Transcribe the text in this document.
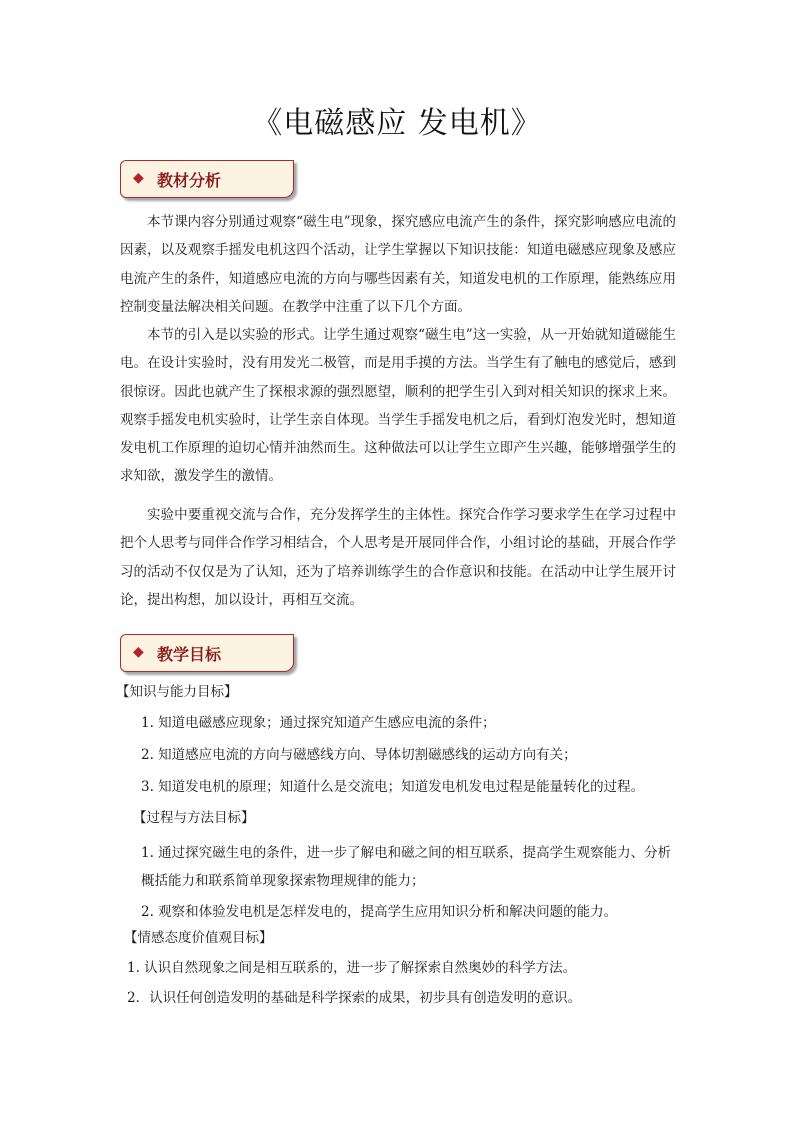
《电磁感应 发电机》
◆ 教材分析

本节课内容分别通过观察“磁生电”现象，探究感应电流产生的条件，探究影响感应电流的因素，以及观察手摇发电机这四个活动，让学生掌握以下知识技能：知道电磁感应现象及感应电流产生的条件，知道感应电流的方向与哪些因素有关，知道发电机的工作原理，能熟练应用控制变量法解决相关问题。在教学中注重了以下几个方面。

本节的引入是以实验的形式。让学生通过观察“磁生电”这一实验，从一开始就知道磁能生电。在设计实验时，没有用发光二极管，而是用手摸的方法。当学生有了触电的感觉后，感到很惊讶。因此也就产生了探根求源的强烈愿望，顺利的把学生引入到对相关知识的探求上来。观察手摇发电机实验时，让学生亲自体现。当学生手摇发电机之后，看到灯泡发光时，想知道发电机工作原理的迫切心情并油然而生。这种做法可以让学生立即产生兴趣，能够增强学生的求知欲，激发学生的激情。

实验中要重视交流与合作，充分发挥学生的主体性。探究合作学习要求学生在学习过程中把个人思考与同伴合作学习相结合，个人思考是开展同伴合作，小组讨论的基础，开展合作学习的活动不仅仅是为了认知，还为了培养训练学生的合作意识和技能。在活动中让学生展开讨论，提出构想，加以设计，再相互交流。

◆ 教学目标
【知识与能力目标】
1. 知道电磁感应现象；通过探究知道产生感应电流的条件；
2. 知道感应电流的方向与磁感线方向、导体切割磁感线的运动方向有关；
3. 知道发电机的原理；知道什么是交流电；知道发电机发电过程是能量转化的过程。
【过程与方法目标】
1. 通过探究磁生电的条件，进一步了解电和磁之间的相互联系，提高学生观察能力、分析概括能力和联系简单现象探索物理规律的能力；
2. 观察和体验发电机是怎样发电的，提高学生应用知识分析和解决问题的能力。
【情感态度价值观目标】
1. 认识自然现象之间是相互联系的，进一步了解探索自然奥妙的科学方法。
2．认识任何创造发明的基础是科学探索的成果，初步具有创造发明的意识。
